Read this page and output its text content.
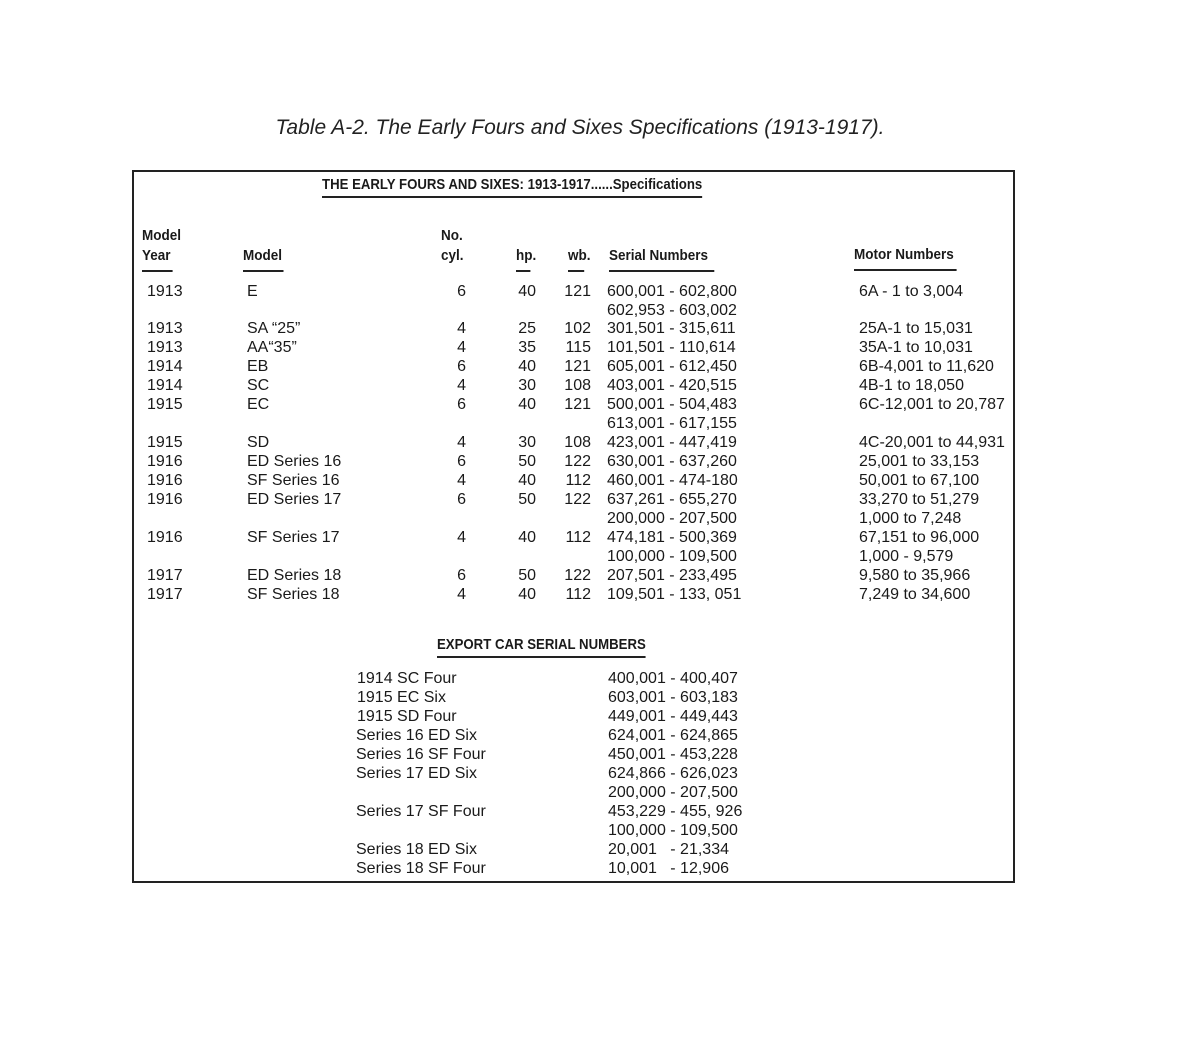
Table A-2. The Early Fours and Sixes Specifications (1913-1917).
THE EARLY FOURS AND SIXES: 1913-1917......Specifications
Model
Year	Model
No.
cyl.	hp. wb. Serial Numbers	Motor Numbers
1913	E	6	40	121 600,001 - 602,800	6A - 1 to 3,004
602,953 - 603,002
1913	SA “25”	4	25	102 301,501 - 315,611	25A-1 to 15,031
1913	AA“35”	4	35	115 101,501 - 110,614	35A-1 to 10,031
1914	EB	6	40	121 605,001 - 612,450	6B-4,001 to 11,620
1914	SC	4	30	108 403,001 - 420,515	4B-1 to 18,050
1915	EC	6	40	121 500,001 - 504,483	6C-12,001 to 20,787
613,001 - 617,155
1915	SD	4	30	108 423,001 - 447,419	4C-20,001 to 44,931
1916	ED Series 16	6	50	122 630,001 - 637,260	25,001 to 33,153
1916	SF Series 16	4	40	112 460,001 - 474-180	50,001 to 67,100
1916	ED Series 17	6	50	122 637,261 - 655,270	33,270 to 51,279
200,000 - 207,500	1,000 to 7,248
1916	SF Series 17	4	40	112 474,181 - 500,369	67,151 to 96,000
100,000 - 109,500	1,000 - 9,579
1917	ED Series 18	6	50	122 207,501 - 233,495	9,580 to 35,966
1917	SF Series 18	4	40	112 109,501 - 133, 051	7,249 to 34,600
EXPORT CAR SERIAL NUMBERS
1914 SC Four	400,001 - 400,407
1915 EC Six	603,001 - 603,183
1915 SD Four	449,001 - 449,443
Series 16 ED Six	624,001 - 624,865
Series 16 SF Four	450,001 - 453,228
Series 17 ED Six	624,866 - 626,023
200,000 - 207,500
Series 17 SF Four	453,229 - 455, 926
100,000 - 109,500
Series 18 ED Six	20,001   - 21,334
Series 18 SF Four	10,001   - 12,906
